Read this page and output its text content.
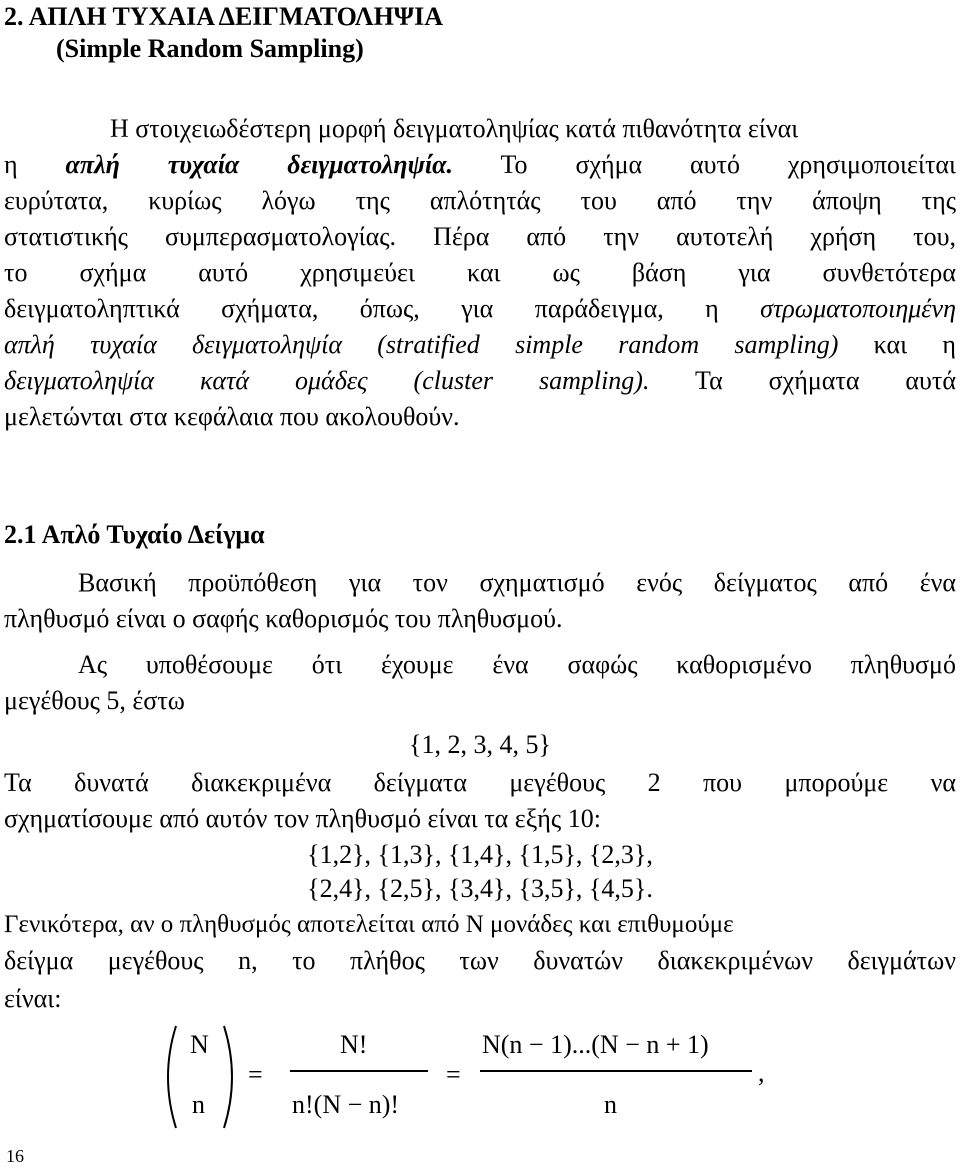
2. ΑΠΛΗ ΤΥΧΑΙΑ ΔΕΙΓΜΑΤΟΛΗΨΙΑ
(Simple Random Sampling)
Η στοιχειωδέστερη μορφή δειγματοληψίας κατά πιθανότητα είναι
η απλή τυχαία δειγματοληψία. Το σχήμα αυτό χρησιμοποιείται
ευρύτατα, κυρίως λόγω της απλότητάς του από την άποψη της
στατιστικής συμπερασματολογίας. Πέρα από την αυτοτελή χρήση του,
το σχήμα αυτό χρησιμεύει και ως βάση για συνθετότερα
δειγματοληπτικά σχήματα, όπως, για παράδειγμα, η στρωματοποιημένη
απλή τυχαία δειγματοληψία (stratified simple random sampling) και η
δειγματοληψία κατά ομάδες (cluster sampling). Τα σχήματα αυτά
μελετώνται στα κεφάλαια που ακολουθούν.
2.1 Απλό Τυχαίο Δείγμα
Βασική προϋπόθεση για τον σχηματισμό ενός δείγματος από ένα
πληθυσμό είναι ο σαφής καθορισμός του πληθυσμού.
Ας υποθέσουμε ότι έχουμε ένα σαφώς καθορισμένο πληθυσμό
μεγέθους 5, έστω
{1, 2, 3, 4, 5}
Τα δυνατά διακεκριμένα δείγματα μεγέθους 2 που μπορούμε να
σχηματίσουμε από αυτόν τον πληθυσμό είναι τα εξής 10:
{1,2}, {1,3}, {1,4}, {1,5}, {2,3},
{2,4}, {2,5}, {3,4}, {3,5}, {4,5}.
Γενικότερα, αν ο πληθυσμός αποτελείται από N μονάδες και επιθυμούμε
δείγμα μεγέθους n, το πλήθος των δυνατών διακεκριμένων δειγμάτων
είναι:
N
n
=
N!
n!(N − n)!
=
N(n − 1)...(N − n + 1)
n
,
16
